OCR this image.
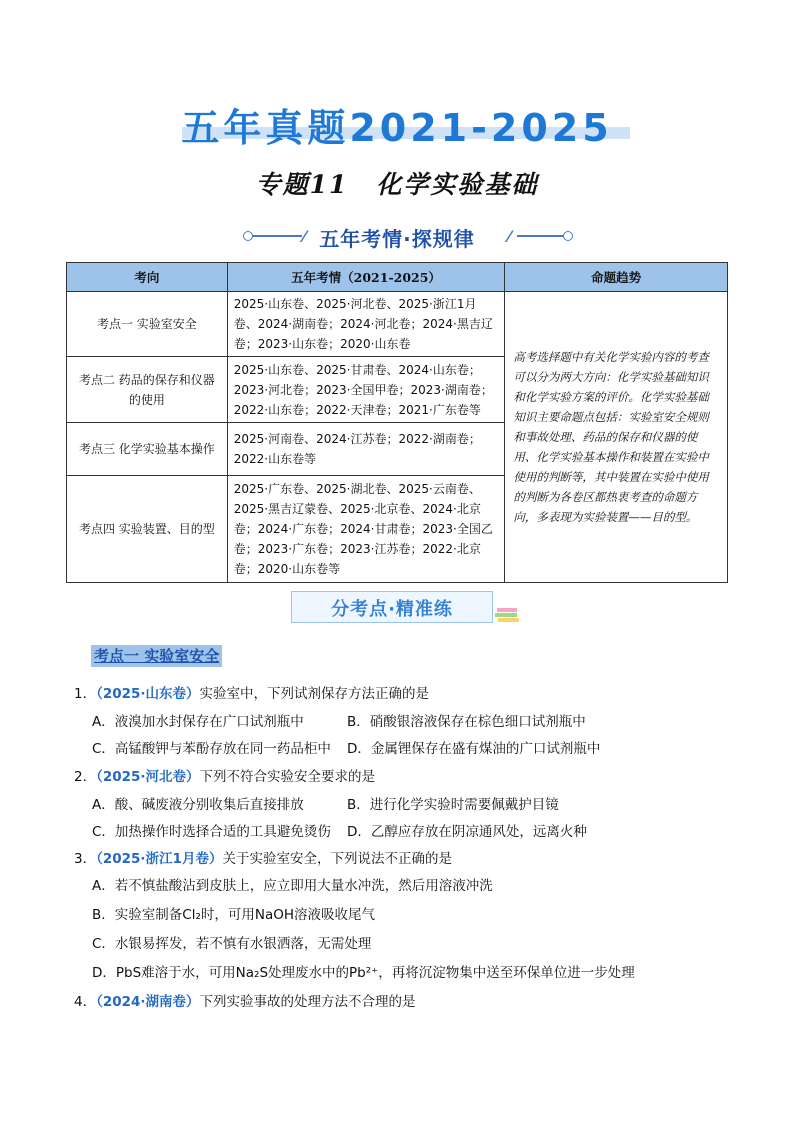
五年真题2021-2025
专题11 化学实验基础
⁄ 五年考情·探规律	⁄
考向	五年考情（2021-2025）	命题趋势
考点一 实验室安全	2025·山东卷、2025·河北卷、2025·浙江1月卷、2024·湖南卷；2024·河北卷；2024·黑吉辽卷；2023·山东卷；2020·山东卷	高考选择题中有关化学实验内容的考查可以分为两大方向：化学实验基础知识和化学实验方案的评价。化学实验基础知识主要命题点包括：实验室安全规则和事故处理、药品的保存和仪器的使用、化学实验基本操作和装置在实验中使用的判断等，其中装置在实验中使用的判断为各卷区都热衷考查的命题方向，多表现为实验装置——目的型。
考点二 药品的保存和仪器的使用	2025·山东卷、2025·甘肃卷、2024·山东卷；2023·河北卷；2023·全国甲卷；2023·湖南卷；2022·山东卷；2022·天津卷；2021·广东卷等	
考点三 化学实验基本操作	2025·河南卷、2024·江苏卷；2022·湖南卷；2022·山东卷等	
考点四 实验装置、目的型	2025·广东卷、2025·湖北卷、2025·云南卷、2025·黑吉辽蒙卷、2025·北京卷、2024·北京卷；2024·广东卷；2024·甘肃卷；2023·全国乙卷；2023·广东卷；2023·江苏卷；2022·北京卷；2020·山东卷等	
分考点·精准练
考点一 实验室安全
1．（2025·山东卷）实验室中，下列试剂保存方法正确的是
A．液溴加水封保存在广口试剂瓶中	B．硝酸银溶液保存在棕色细口试剂瓶中
C．高锰酸钾与苯酚存放在同一药品柜中 D．金属锂保存在盛有煤油的广口试剂瓶中
2．（2025·河北卷）下列不符合实验安全要求的是
A．酸、碱废液分别收集后直接排放	B．进行化学实验时需要佩戴护目镜
C．加热操作时选择合适的工具避免烫伤 D．乙醇应存放在阴凉通风处，远离火种
3．（2025·浙江1月卷）关于实验室安全，下列说法不正确的是
A．若不慎盐酸沾到皮肤上，应立即用大量水冲洗，然后用溶液冲洗
B．实验室制备Cl₂时，可用NaOH溶液吸收尾气
C．水银易挥发，若不慎有水银洒落，无需处理
D．PbS难溶于水，可用Na₂S处理废水中的Pb²⁺，再将沉淀物集中送至环保单位进一步处理
4．（2024·湖南卷）下列实验事故的处理方法不合理的是
